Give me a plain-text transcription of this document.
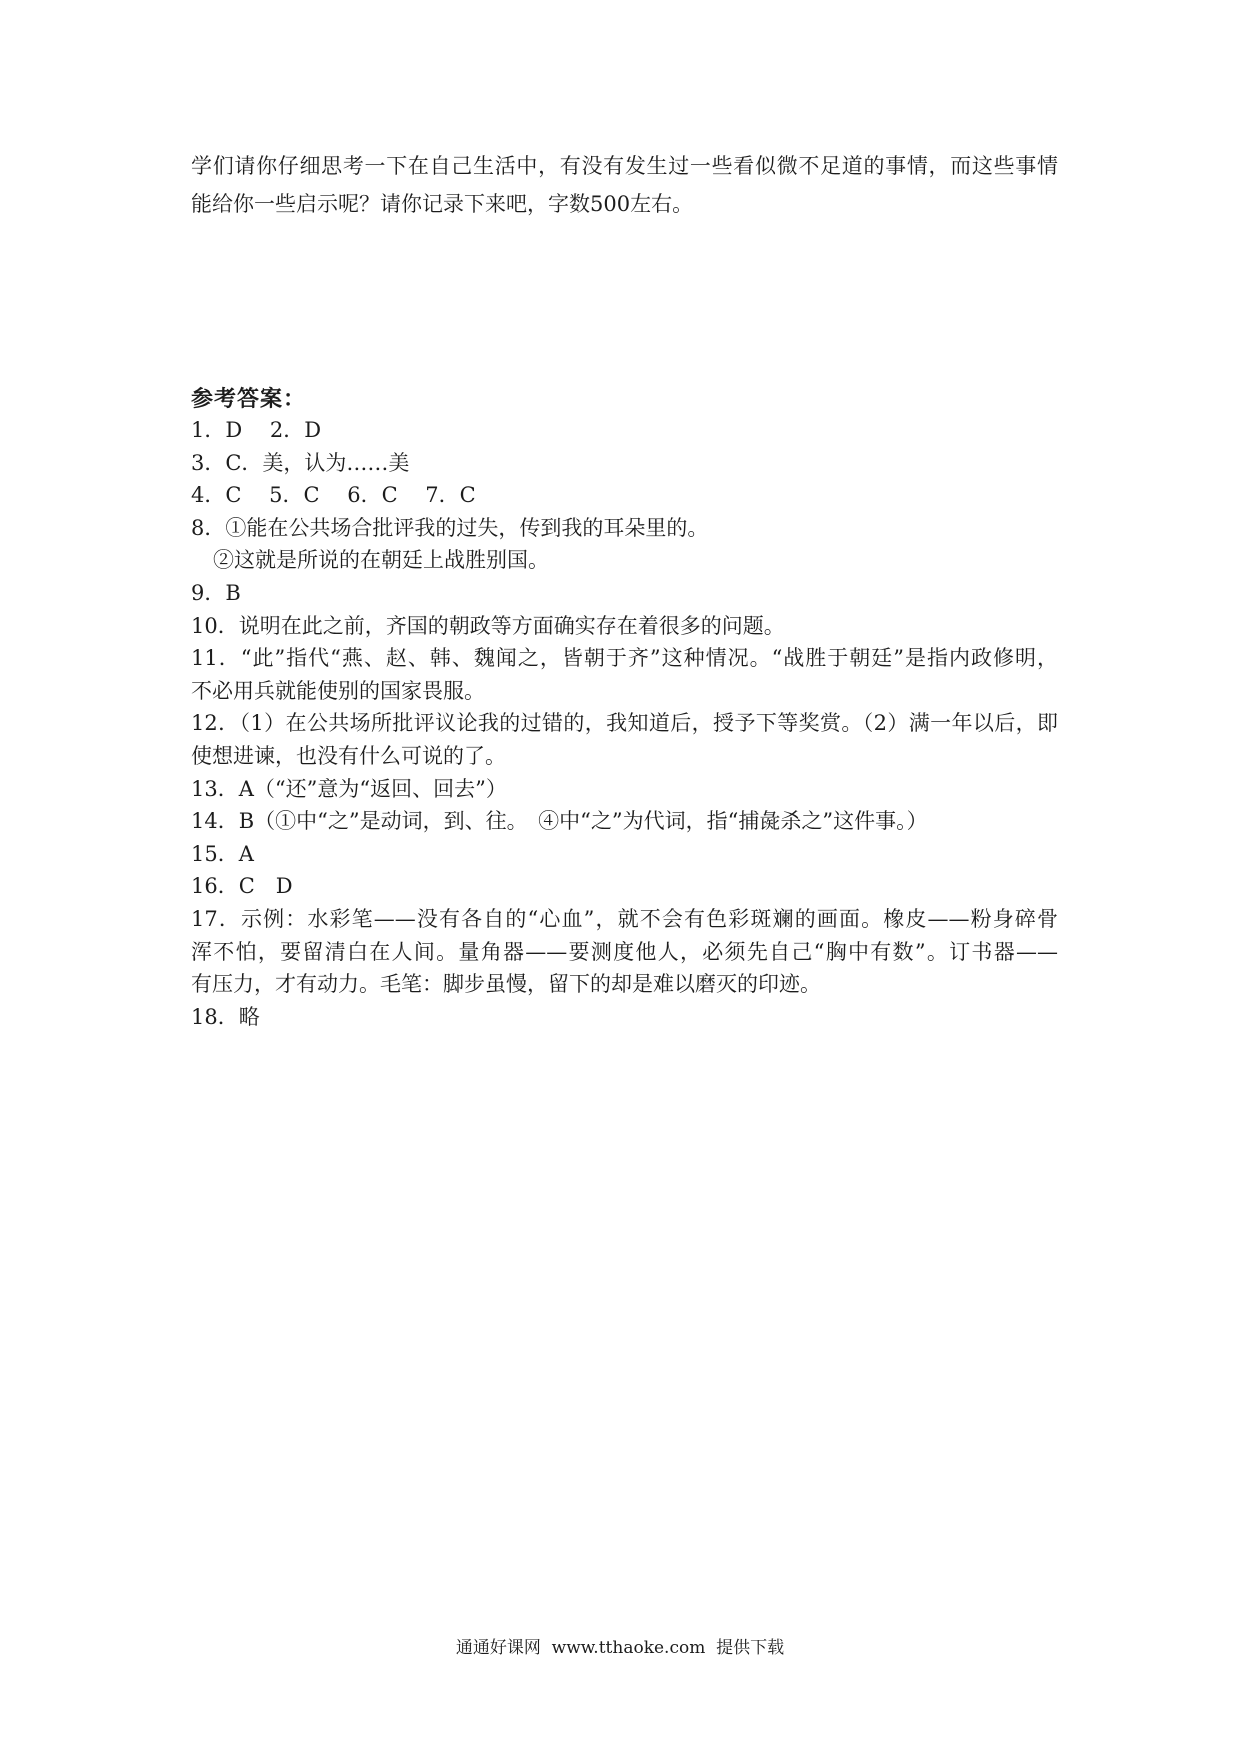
学们请你仔细思考一下在自己生活中，有没有发生过一些看似微不足道的事情，而这些事情
能给你一些启示呢？请你记录下来吧，字数500左右。
参考答案：
1．D　 2．D
3．C．美，认为……美
4．C　 5．C　 6．C　 7．C
8．①能在公共场合批评我的过失，传到我的耳朵里的。
②这就是所说的在朝廷上战胜别国。
9．B
10．说明在此之前，齐国的朝政等方面确实存在着很多的问题。
11．“此”指代“燕、赵、韩、魏闻之，皆朝于齐”这种情况。“战胜于朝廷”是指内政修明，
不必用兵就能使别的国家畏服。
12．（1）在公共场所批评议论我的过错的，我知道后，授予下等奖赏。（2）满一年以后，即
使想进谏，也没有什么可说的了。
13．A（“还”意为“返回、回去”）
14．B（①中“之”是动词，到、往。　④中“之”为代词，指“捕彘杀之”这件事。）
15．A
16．C　D
17．示例：水彩笔——没有各自的“心血”，就不会有色彩斑斓的画面。橡皮——粉身碎骨
浑不怕，要留清白在人间。量角器——要测度他人，必须先自己“胸中有数”。订书器——
有压力，才有动力。毛笔：脚步虽慢，留下的却是难以磨灭的印迹。
18．略
通通好课网  www.tthaoke.com  提供下载
